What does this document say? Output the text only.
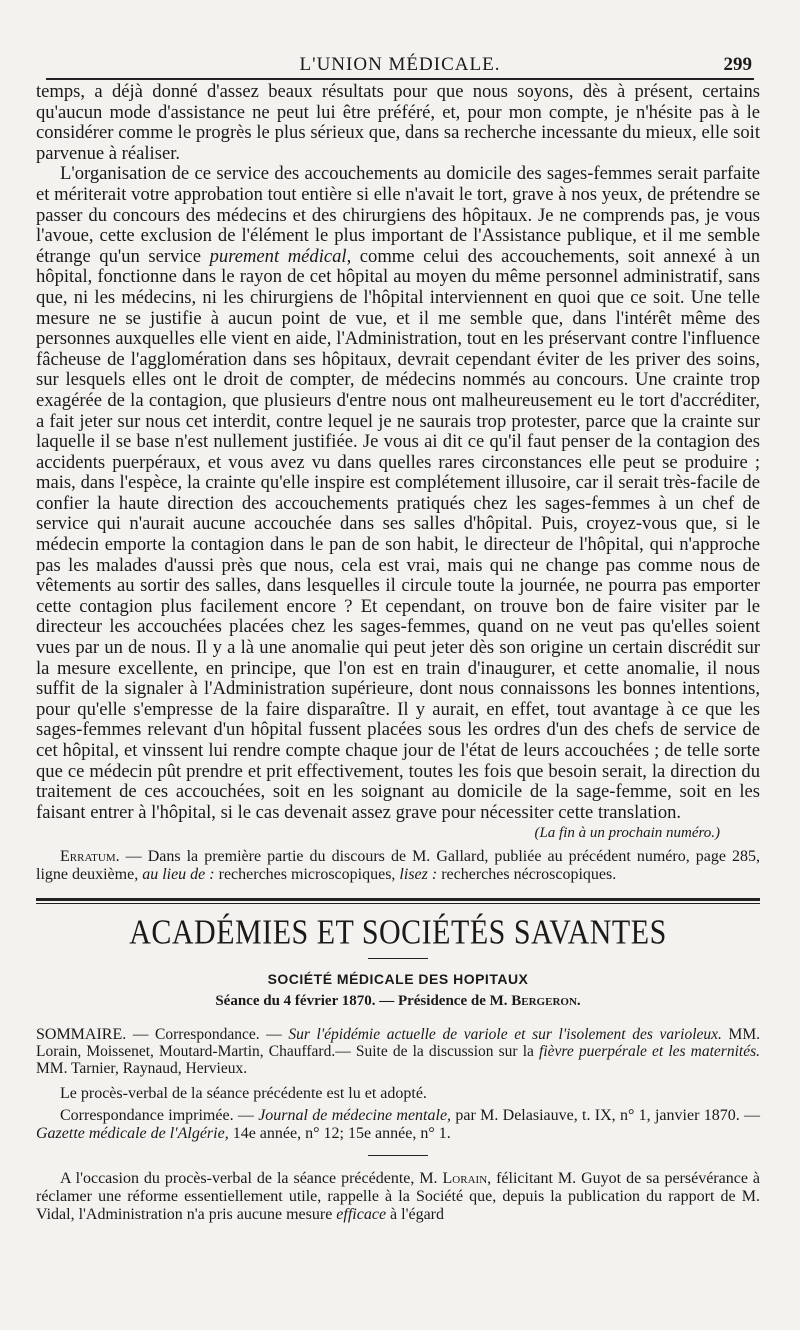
L'UNION MÉDICALE.	299

temps, a déjà donné d'assez beaux résultats pour que nous soyons, dès à présent, certains qu'aucun mode d'assistance ne peut lui être préféré, et, pour mon compte, je n'hésite pas à le considérer comme le progrès le plus sérieux que, dans sa recherche incessante du mieux, elle soit parvenue à réaliser.

L'organisation de ce service des accouchements au domicile des sages-femmes serait parfaite et mériterait votre approbation tout entière si elle n'avait le tort, grave à nos yeux, de prétendre se passer du concours des médecins et des chirurgiens des hôpitaux. Je ne comprends pas, je vous l'avoue, cette exclusion de l'élément le plus important de l'Assistance publique, et il me semble étrange qu'un service purement médical, comme celui des accouchements, soit annexé à un hôpital, fonctionne dans le rayon de cet hôpital au moyen du même personnel administratif, sans que, ni les médecins, ni les chirurgiens de l'hôpital interviennent en quoi que ce soit. Une telle mesure ne se justifie à aucun point de vue, et il me semble que, dans l'intérêt même des personnes auxquelles elle vient en aide, l'Administration, tout en les préservant contre l'influence fâcheuse de l'agglomération dans ses hôpitaux, devrait cependant éviter de les priver des soins, sur lesquels elles ont le droit de compter, de médecins nommés au concours. Une crainte trop exagérée de la contagion, que plusieurs d'entre nous ont malheureusement eu le tort d'accréditer, a fait jeter sur nous cet interdit, contre lequel je ne saurais trop protester, parce que la crainte sur laquelle il se base n'est nullement justifiée. Je vous ai dit ce qu'il faut penser de la contagion des accidents puerpéraux, et vous avez vu dans quelles rares circonstances elle peut se produire ; mais, dans l'espèce, la crainte qu'elle inspire est complétement illusoire, car il serait très-facile de confier la haute direction des accouchements pratiqués chez les sages-femmes à un chef de service qui n'aurait aucune accouchée dans ses salles d'hôpital. Puis, croyez-vous que, si le médecin emporte la contagion dans le pan de son habit, le directeur de l'hôpital, qui n'approche pas les malades d'aussi près que nous, cela est vrai, mais qui ne change pas comme nous de vêtements au sortir des salles, dans lesquelles il circule toute la journée, ne pourra pas emporter cette contagion plus facilement encore ? Et cependant, on trouve bon de faire visiter par le directeur les accouchées placées chez les sages-femmes, quand on ne veut pas qu'elles soient vues par un de nous. Il y a là une anomalie qui peut jeter dès son origine un certain discrédit sur la mesure excellente, en principe, que l'on est en train d'inaugurer, et cette anomalie, il nous suffit de la signaler à l'Administration supérieure, dont nous connaissons les bonnes intentions, pour qu'elle s'empresse de la faire disparaître. Il y aurait, en effet, tout avantage à ce que les sages-femmes relevant d'un hôpital fussent placées sous les ordres d'un des chefs de service de cet hôpital, et vinssent lui rendre compte chaque jour de l'état de leurs accouchées ; de telle sorte que ce médecin pût prendre et prit effectivement, toutes les fois que besoin serait, la direction du traitement de ces accouchées, soit en les soignant au domicile de la sage-femme, soit en les faisant entrer à l'hôpital, si le cas devenait assez grave pour nécessiter cette translation.

(La fin à un prochain numéro.)

Erratum. — Dans la première partie du discours de M. Gallard, publiée au précédent numéro, page 285, ligne deuxième, au lieu de : recherches microscopiques, lisez : recherches nécroscopiques.

ACADÉMIES ET SOCIÉTÉS SAVANTES
SOCIÉTÉ MÉDICALE DES HOPITAUX
Séance du 4 février 1870. — Présidence de M. Bergeron.

SOMMAIRE. — Correspondance. — Sur l'épidémie actuelle de variole et sur l'isolement des varioleux. MM. Lorain, Moissenet, Moutard-Martin, Chauffard.— Suite de la discussion sur la fièvre puerpérale et les maternités. MM. Tarnier, Raynaud, Hervieux.

Le procès-verbal de la séance précédente est lu et adopté.

Correspondance imprimée. — Journal de médecine mentale, par M. Delasiauve, t. IX, n° 1, janvier 1870. — Gazette médicale de l'Algérie, 14e année, n° 12; 15e année, n° 1.

A l'occasion du procès-verbal de la séance précédente, M. Lorain, félicitant M. Guyot de sa persévérance à réclamer une réforme essentiellement utile, rappelle à la Société que, depuis la publication du rapport de M. Vidal, l'Administration n'a pris aucune mesure efficace à l'égard
